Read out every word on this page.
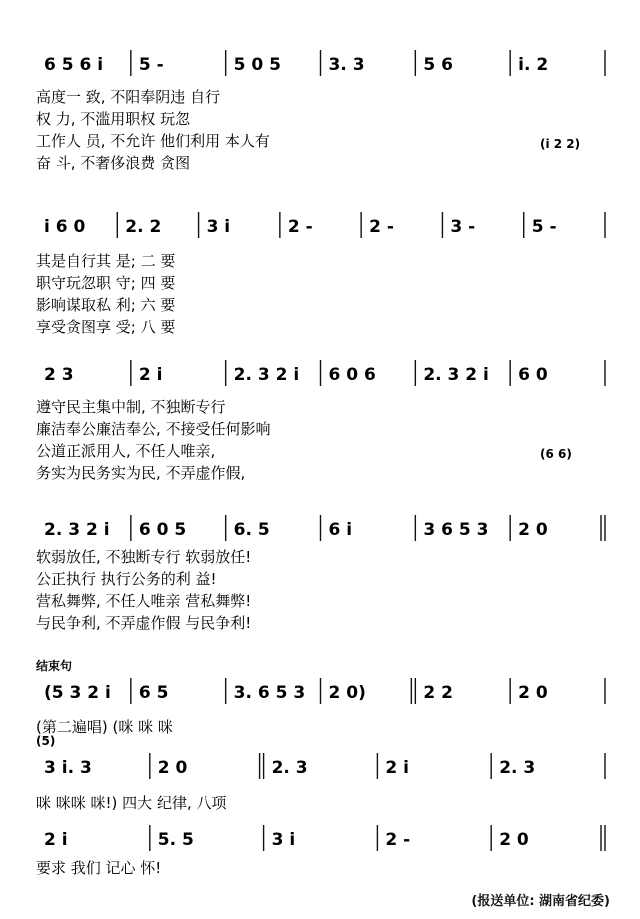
6 5 6 i 5 -	5 0 5	3. 3	5 6	i. 2
(i 2 2)
高度一 致, 不阳奉阴违 自行
权 力, 不滥用职权 玩忽
工作人 员, 不允许 他们利用 本人有
奋 斗, 不奢侈浪费 贪图
i 6 0 2. 2	3 i	2 -	2 -	3 -	5 -
其是自行其 是; 二 要
职守玩忽职 守; 四 要
影响谋取私 利; 六 要
享受贪图享 受; 八 要
2 3	2 i	2. 3 2 i 6 0 6	2. 3 2 i 6 0
(6 6)
遵守民主集中制, 不独断专行
廉洁奉公廉洁奉公, 不接受任何影响
公道正派用人, 不任人唯亲,
务实为民务实为民, 不弄虚作假,
2. 3 2 i 6 0 5	6. 5	6 i	3 6 5 3 2 0
软弱放任, 不独断专行 软弱放任!
公正执行 执行公务的利 益!
营私舞弊, 不任人唯亲 营私舞弊!
与民争利, 不弄虚作假 与民争利!
结束句
(5 3 2 i 6 5	3. 6 5 3 2 0)	2 2	2 0
(第二遍唱) (咪 咪 咪
(5)
3 i. 3	2 0	2. 3	2 i	2. 3
咪 咪咪 咪!) 四大 纪律, 八项
2 i	5. 5	3 i	2 -	2 0
要求 我们 记心 怀!
(报送单位: 湖南省纪委)
